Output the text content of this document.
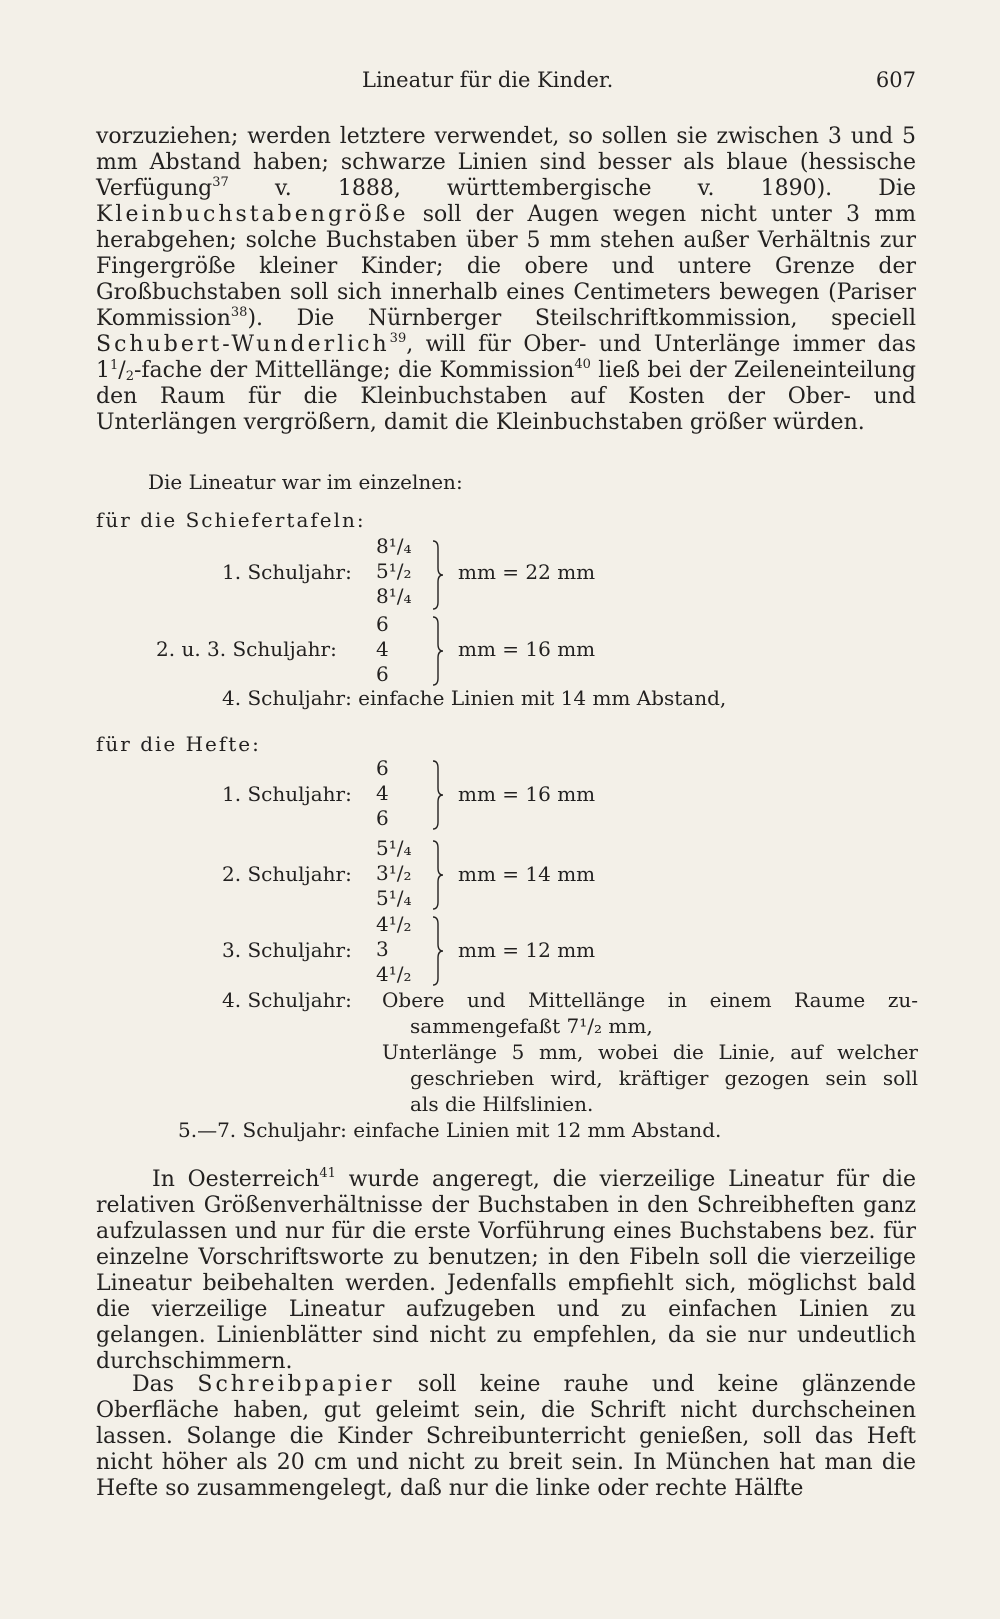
Lineatur für die Kinder.	607

vorzuziehen; werden letztere verwendet, so sollen sie zwischen 3 und 5 mm Abstand haben; schwarze Linien sind besser als blaue (hessische Verfügung$^{37}$ v. 1888, württembergische v. 1890). Die Kleinbuchstabengröße soll der Augen wegen nicht unter 3 mm herabgehen; solche Buchstaben über 5 mm stehen außer Verhältnis zur Fingergröße kleiner Kinder; die obere und untere Grenze der Großbuchstaben soll sich innerhalb eines Centimeters bewegen (Pariser Kommission$^{38}$). Die Nürnberger Steilschriftkommission, speciell Schubert-Wunderlich$^{39}$, will für Ober- und Unterlänge immer das $1^1/_2$-fache der Mittellänge; die Kommission$^{40}$ ließ bei der Zeileneinteilung den Raum für die Kleinbuchstaben auf Kosten der Ober- und Unterlängen vergrößern, damit die Kleinbuchstaben größer würden.

Die Lineatur war im einzelnen:
für die Schiefertafeln:
1. Schuljahr:
8¹/₄
5¹/₂
8¹/₄
mm = 22 mm
2. u. 3. Schuljahr:
6
4
6
mm = 16 mm
4. Schuljahr: einfache Linien mit 14 mm Abstand,
für die Hefte:
1. Schuljahr:
6
4
6
mm = 16 mm
2. Schuljahr:
5¹/₄
3¹/₂
5¹/₄
mm = 14 mm
3. Schuljahr:
4¹/₂
3
4¹/₂
mm = 12 mm
4. Schuljahr: Obere und Mittellänge in einem Raume zu-
sammengefaßt 7¹/₂ mm,
Unterlänge 5 mm, wobei die Linie, auf welcher
geschrieben wird, kräftiger gezogen sein soll
als die Hilfslinien.
5.—7. Schuljahr: einfache Linien mit 12 mm Abstand.

In Oesterreich$^{41}$ wurde angeregt, die vierzeilige Lineatur für die relativen Größenverhältnisse der Buchstaben in den Schreibheften ganz aufzulassen und nur für die erste Vorführung eines Buchstabens bez. für einzelne Vorschriftsworte zu benutzen; in den Fibeln soll die vierzeilige Lineatur beibehalten werden. Jedenfalls empfiehlt sich, möglichst bald die vierzeilige Lineatur aufzugeben und zu einfachen Linien zu gelangen. Linienblätter sind nicht zu empfehlen, da sie nur undeutlich durchschimmern.

Das Schreibpapier soll keine rauhe und keine glänzende Oberfläche haben, gut geleimt sein, die Schrift nicht durchscheinen lassen. Solange die Kinder Schreibunterricht genießen, soll das Heft nicht höher als 20 cm und nicht zu breit sein. In München hat man die Hefte so zusammengelegt, daß nur die linke oder rechte Hälfte
